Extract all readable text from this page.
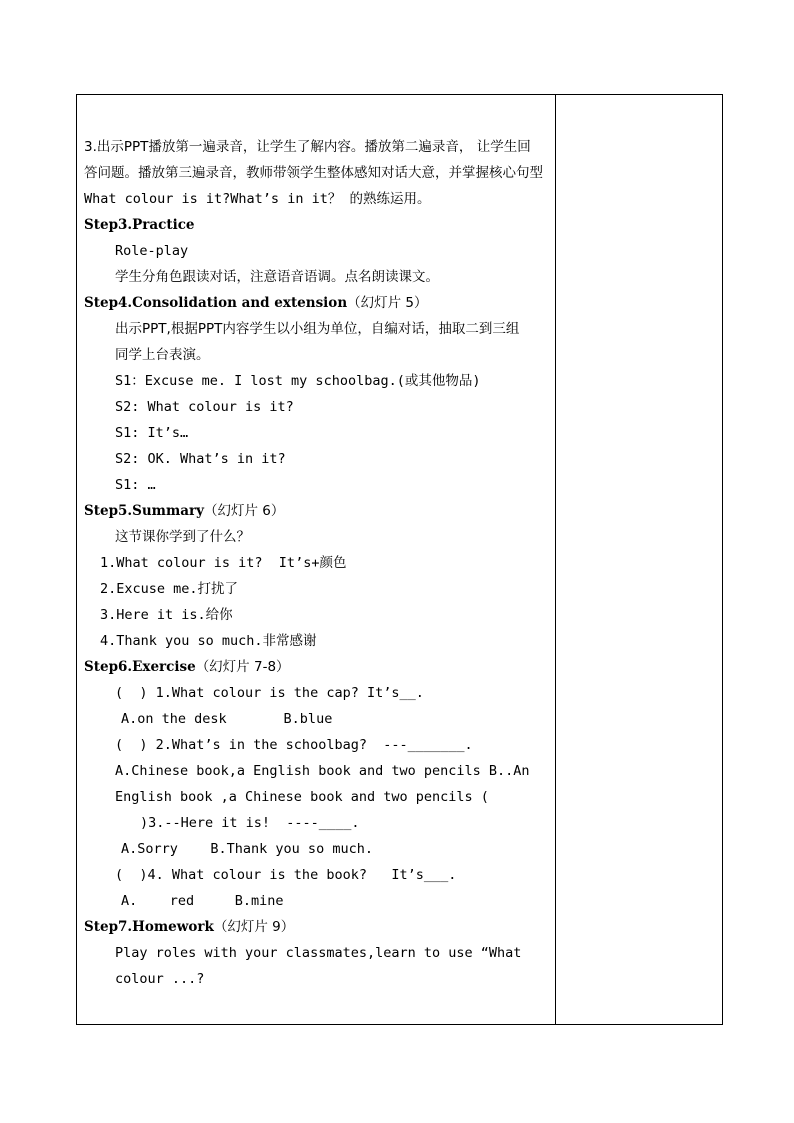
3.出示PPT播放第一遍录音，让学生了解内容。播放第二遍录音， 让学生回
答问题。播放第三遍录音，教师带领学生整体感知对话大意，并掌握核心句型
What colour is it?What’s in it？ 的熟练运用。
Step3.Practice
Role-play
学生分角色跟读对话，注意语音语调。点名朗读课文。
Step4.Consolidation and extension（幻灯片 5）
出示PPT,根据PPT内容学生以小组为单位，自编对话，抽取二到三组
同学上台表演。
S1：Excuse me. I lost my schoolbag.(或其他物品)
S2: What colour is it?
S1: It’s…
S2: OK. What’s in it?
S1: …
Step5.Summary（幻灯片 6）
这节课你学到了什么？
1.What colour is it?  It’s+颜色
2.Excuse me.打扰了
3.Here it is.给你
4.Thank you so much.非常感谢
Step6.Exercise（幻灯片 7-8）
(  ) 1.What colour is the cap? It’s__.
A.on the desk       B.blue
(  ) 2.What’s in the schoolbag?  ---_______.
A.Chinese book,a English book and two pencils B..An
English book ,a Chinese book and two pencils (
)3.--Here it is!  ----____.
A.Sorry    B.Thank you so much.
(  )4. What colour is the book?   It’s___.
A.    red     B.mine
Step7.Homework（幻灯片 9）
Play roles with your classmates,learn to use “What
colour ...?
